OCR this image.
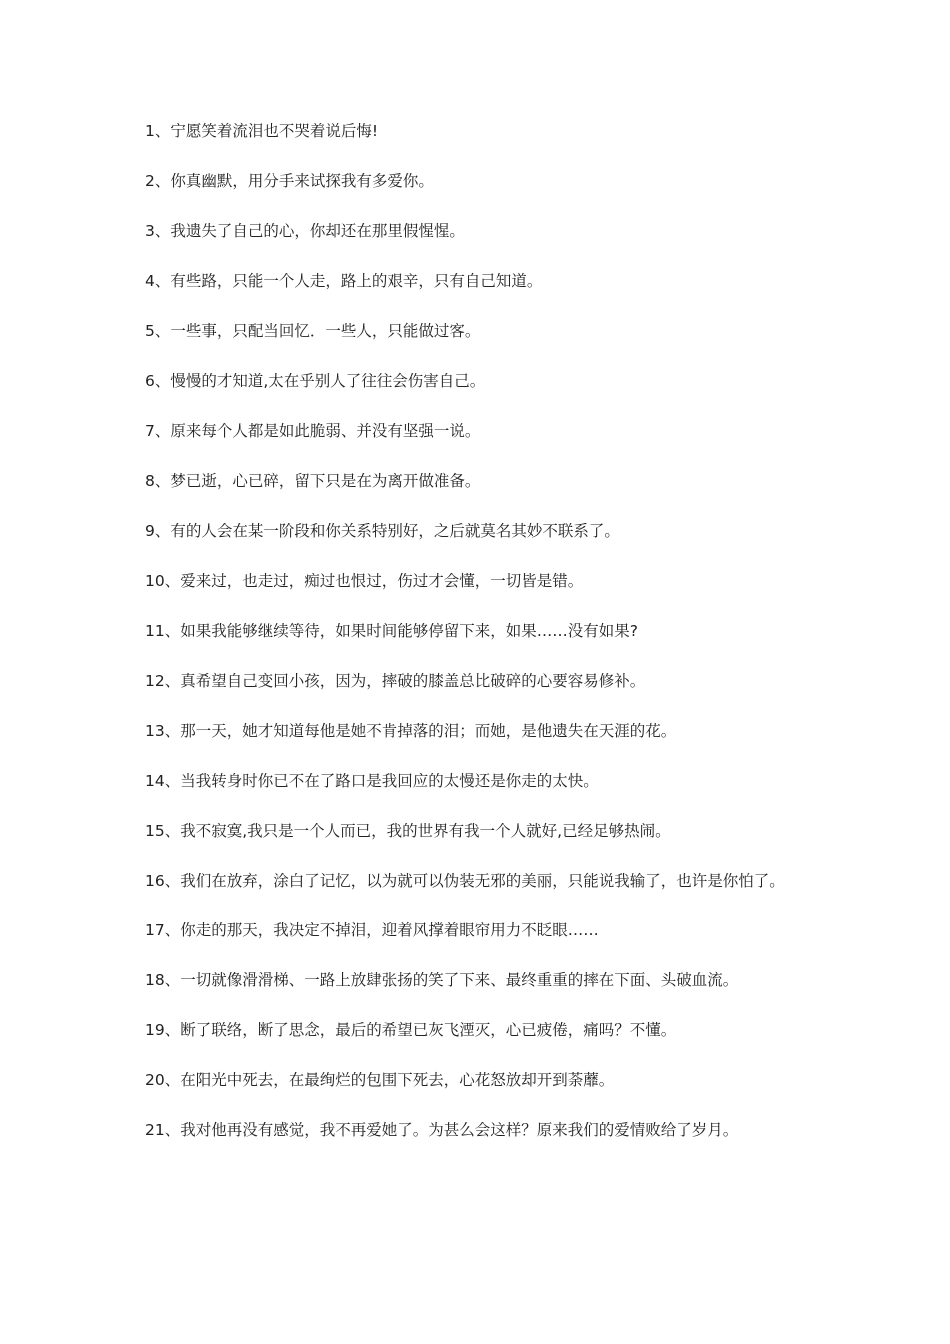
1、宁愿笑着流泪也不哭着说后悔!

2、你真幽默，用分手来试探我有多爱你。

3、我遗失了自己的心，你却还在那里假惺惺。

4、有些路，只能一个人走，路上的艰辛，只有自己知道。

5、一些事，只配当回忆．一些人，只能做过客。

6、慢慢的才知道,太在乎别人了往往会伤害自己。

7、原来每个人都是如此脆弱、并没有坚强一说。

8、梦已逝，心已碎，留下只是在为离开做准备。

9、有的人会在某一阶段和你关系特别好，之后就莫名其妙不联系了。

10、爱来过，也走过，痴过也恨过，伤过才会懂，一切皆是错。

11、如果我能够继续等待，如果时间能够停留下来，如果……没有如果?

12、真希望自己变回小孩，因为，摔破的膝盖总比破碎的心要容易修补。

13、那一天，她才知道每他是她不肯掉落的泪；而她，是他遗失在天涯的花。

14、当我转身时你已不在了路口是我回应的太慢还是你走的太快。

15、我不寂寞,我只是一个人而已，我的世界有我一个人就好,已经足够热闹。

16、我们在放弃，涂白了记忆，以为就可以伪装无邪的美丽，只能说我输了，也许是你怕了。

17、你走的那天，我决定不掉泪，迎着风撑着眼帘用力不眨眼……

18、一切就像滑滑梯、一路上放肆张扬的笑了下来、最终重重的摔在下面、头破血流。

19、断了联络，断了思念，最后的希望已灰飞湮灭，心已疲倦，痛吗？不懂。

20、在阳光中死去，在最绚烂的包围下死去，心花怒放却开到荼蘼。

21、我对他再没有感觉，我不再爱她了。为甚么会这样？原来我们的爱情败给了岁月。
